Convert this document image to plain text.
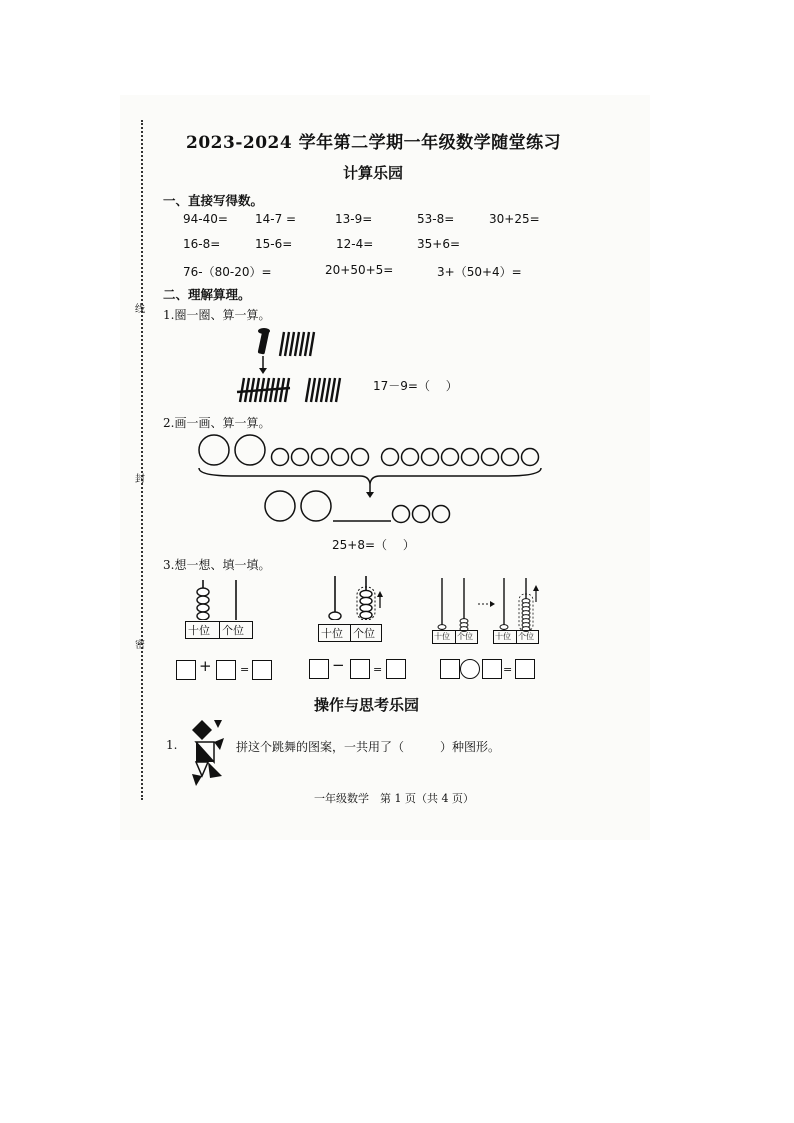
线
封
密
2023-2024 学年第二学期一年级数学随堂练习
计算乐园
一、直接写得数。
94-40= 14-7 =	13-9=	53-8=	30+25=
16-8=	15-6=	12-4=	35+6=
76-（80-20）=	20+50+5=	3+（50+4）=
二、理解算理。
1.圈一圈、算一算。
17－9=（　 ）
2.画一画、算一算。
25+8=（　 ）
3.想一想、填一填。
十位 个位	十位 个位	十位 个位	十位 个位
+	=	−	=	=
操作与思考乐园
1.	拼这个跳舞的图案，一共用了（　　　）种图形。
一年级数学　第 1 页（共 4 页）
